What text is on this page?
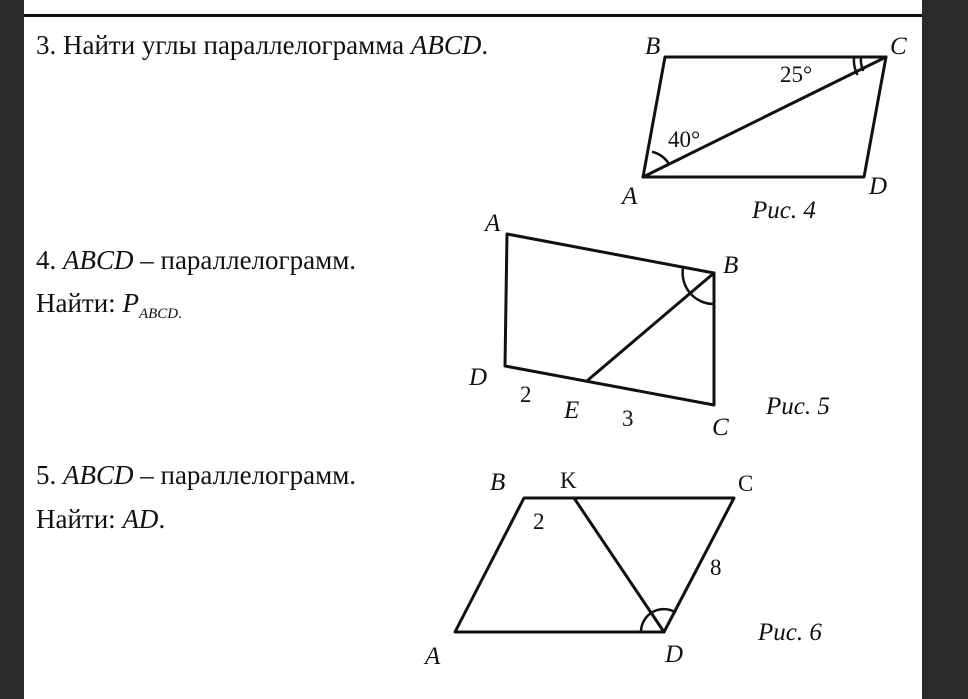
3. Найти углы параллелограмма ABCD.
4. ABCD – параллелограмм.
Найти: $P_{ABCD.}$
5. ABCD – параллелограмм.
Найти: AD.
B	C
A	D
25°
40°
Рис. 4
A
B
D
E
C
2
3	Рис. 5
B K	C
A	D
2
8
Рис. 6
